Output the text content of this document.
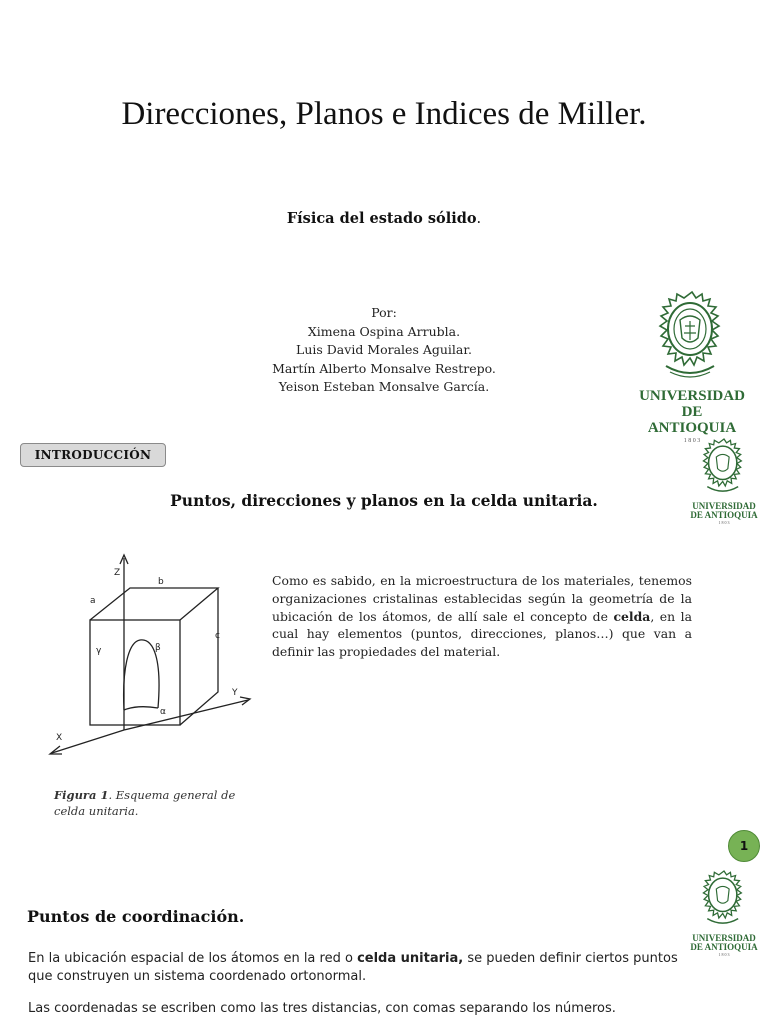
Direcciones, Planos e Indices de Miller.
Física del estado sólido.
Por:
Ximena Ospina Arrubla.
Luis David Morales Aguilar.
Martín Alberto Monsalve Restrepo.
Yeison Esteban Monsalve García.
UNIVERSIDAD
DE ANTIOQUIA
1 8 0 3
INTRODUCCIÓN
UNIVERSIDAD
DE ANTIOQUIA
1 8 0 3
Puntos, direcciones y planos en la celda unitaria.
Z
Y
X
a
b
c
α
β
γ
Como es sabido, en la microestructura de los materiales, tenemos organizaciones cristalinas establecidas según la geometría de la ubicación de los átomos, de allí sale el concepto de celda, en la cual hay elementos (puntos, direcciones, planos…) que van a definir las propiedades del material.
Figura 1. Esquema general de celda unitaria.
1
UNIVERSIDAD
DE ANTIOQUIA
1 8 0 3
Puntos de coordinación.
En la ubicación espacial de los átomos en la red o celda unitaria, se pueden definir ciertos puntos que construyen un sistema coordenado ortonormal.
Las coordenadas se escriben como las tres distancias, con comas separando los números.
